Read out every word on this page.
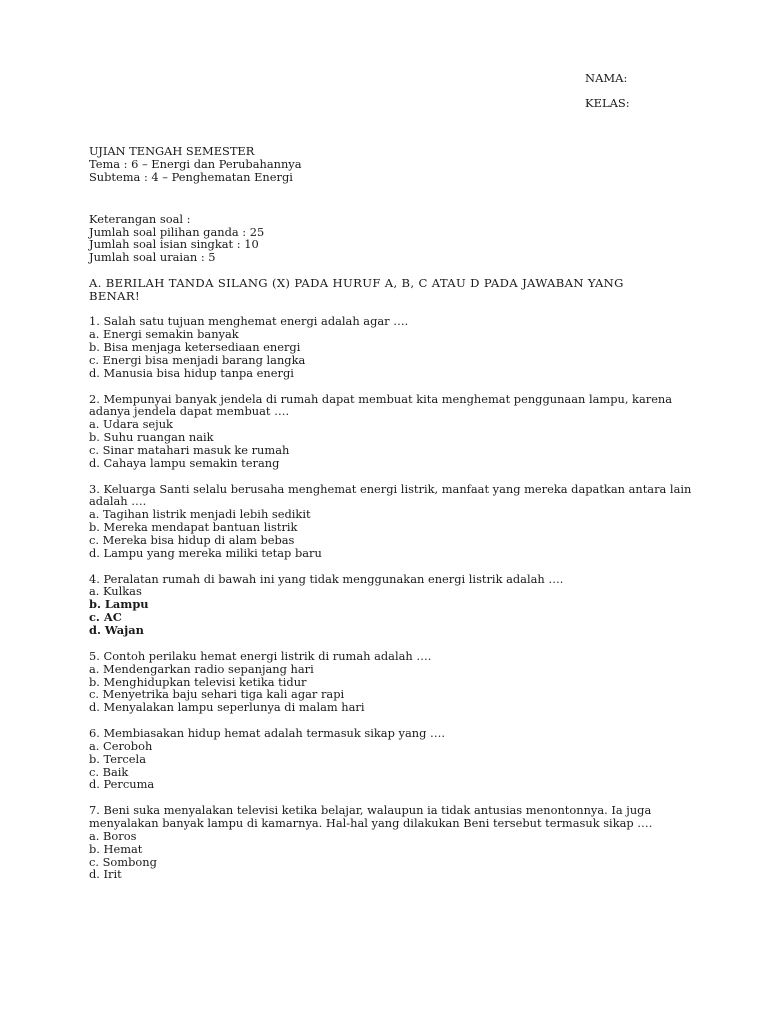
NAMA:
KELAS:
UJIAN TENGAH SEMESTER
Tema : 6 – Energi dan Perubahannya
Subtema : 4 – Penghematan Energi
Keterangan soal :
Jumlah soal pilihan ganda : 25
Jumlah soal isian singkat : 10
Jumlah soal uraian : 5
A. BERILAH TANDA SILANG (X) PADA HURUF A, B, C ATAU D PADA JAWABAN YANG
BENAR!
1. Salah satu tujuan menghemat energi adalah agar ….
a. Energi semakin banyak
b. Bisa menjaga ketersediaan energi
c. Energi bisa menjadi barang langka
d. Manusia bisa hidup tanpa energi
2. Mempunyai banyak jendela di rumah dapat membuat kita menghemat penggunaan lampu, karena
adanya jendela dapat membuat ….
a. Udara sejuk
b. Suhu ruangan naik
c. Sinar matahari masuk ke rumah
d. Cahaya lampu semakin terang
3. Keluarga Santi selalu berusaha menghemat energi listrik, manfaat yang mereka dapatkan antara lain
adalah ….
a. Tagihan listrik menjadi lebih sedikit
b. Mereka mendapat bantuan listrik
c. Mereka bisa hidup di alam bebas
d. Lampu yang mereka miliki tetap baru
4. Peralatan rumah di bawah ini yang tidak menggunakan energi listrik adalah ….
a. Kulkas
b. Lampu
c. AC
d. Wajan
5. Contoh perilaku hemat energi listrik di rumah adalah ….
a. Mendengarkan radio sepanjang hari
b. Menghidupkan televisi ketika tidur
c. Menyetrika baju sehari tiga kali agar rapi
d. Menyalakan lampu seperlunya di malam hari
6. Membiasakan hidup hemat adalah termasuk sikap yang ….
a. Ceroboh
b. Tercela
c. Baik
d. Percuma
7. Beni suka menyalakan televisi ketika belajar, walaupun ia tidak antusias menontonnya. Ia juga
menyalakan banyak lampu di kamarnya. Hal-hal yang dilakukan Beni tersebut termasuk sikap ….
a. Boros
b. Hemat
c. Sombong
d. Irit
